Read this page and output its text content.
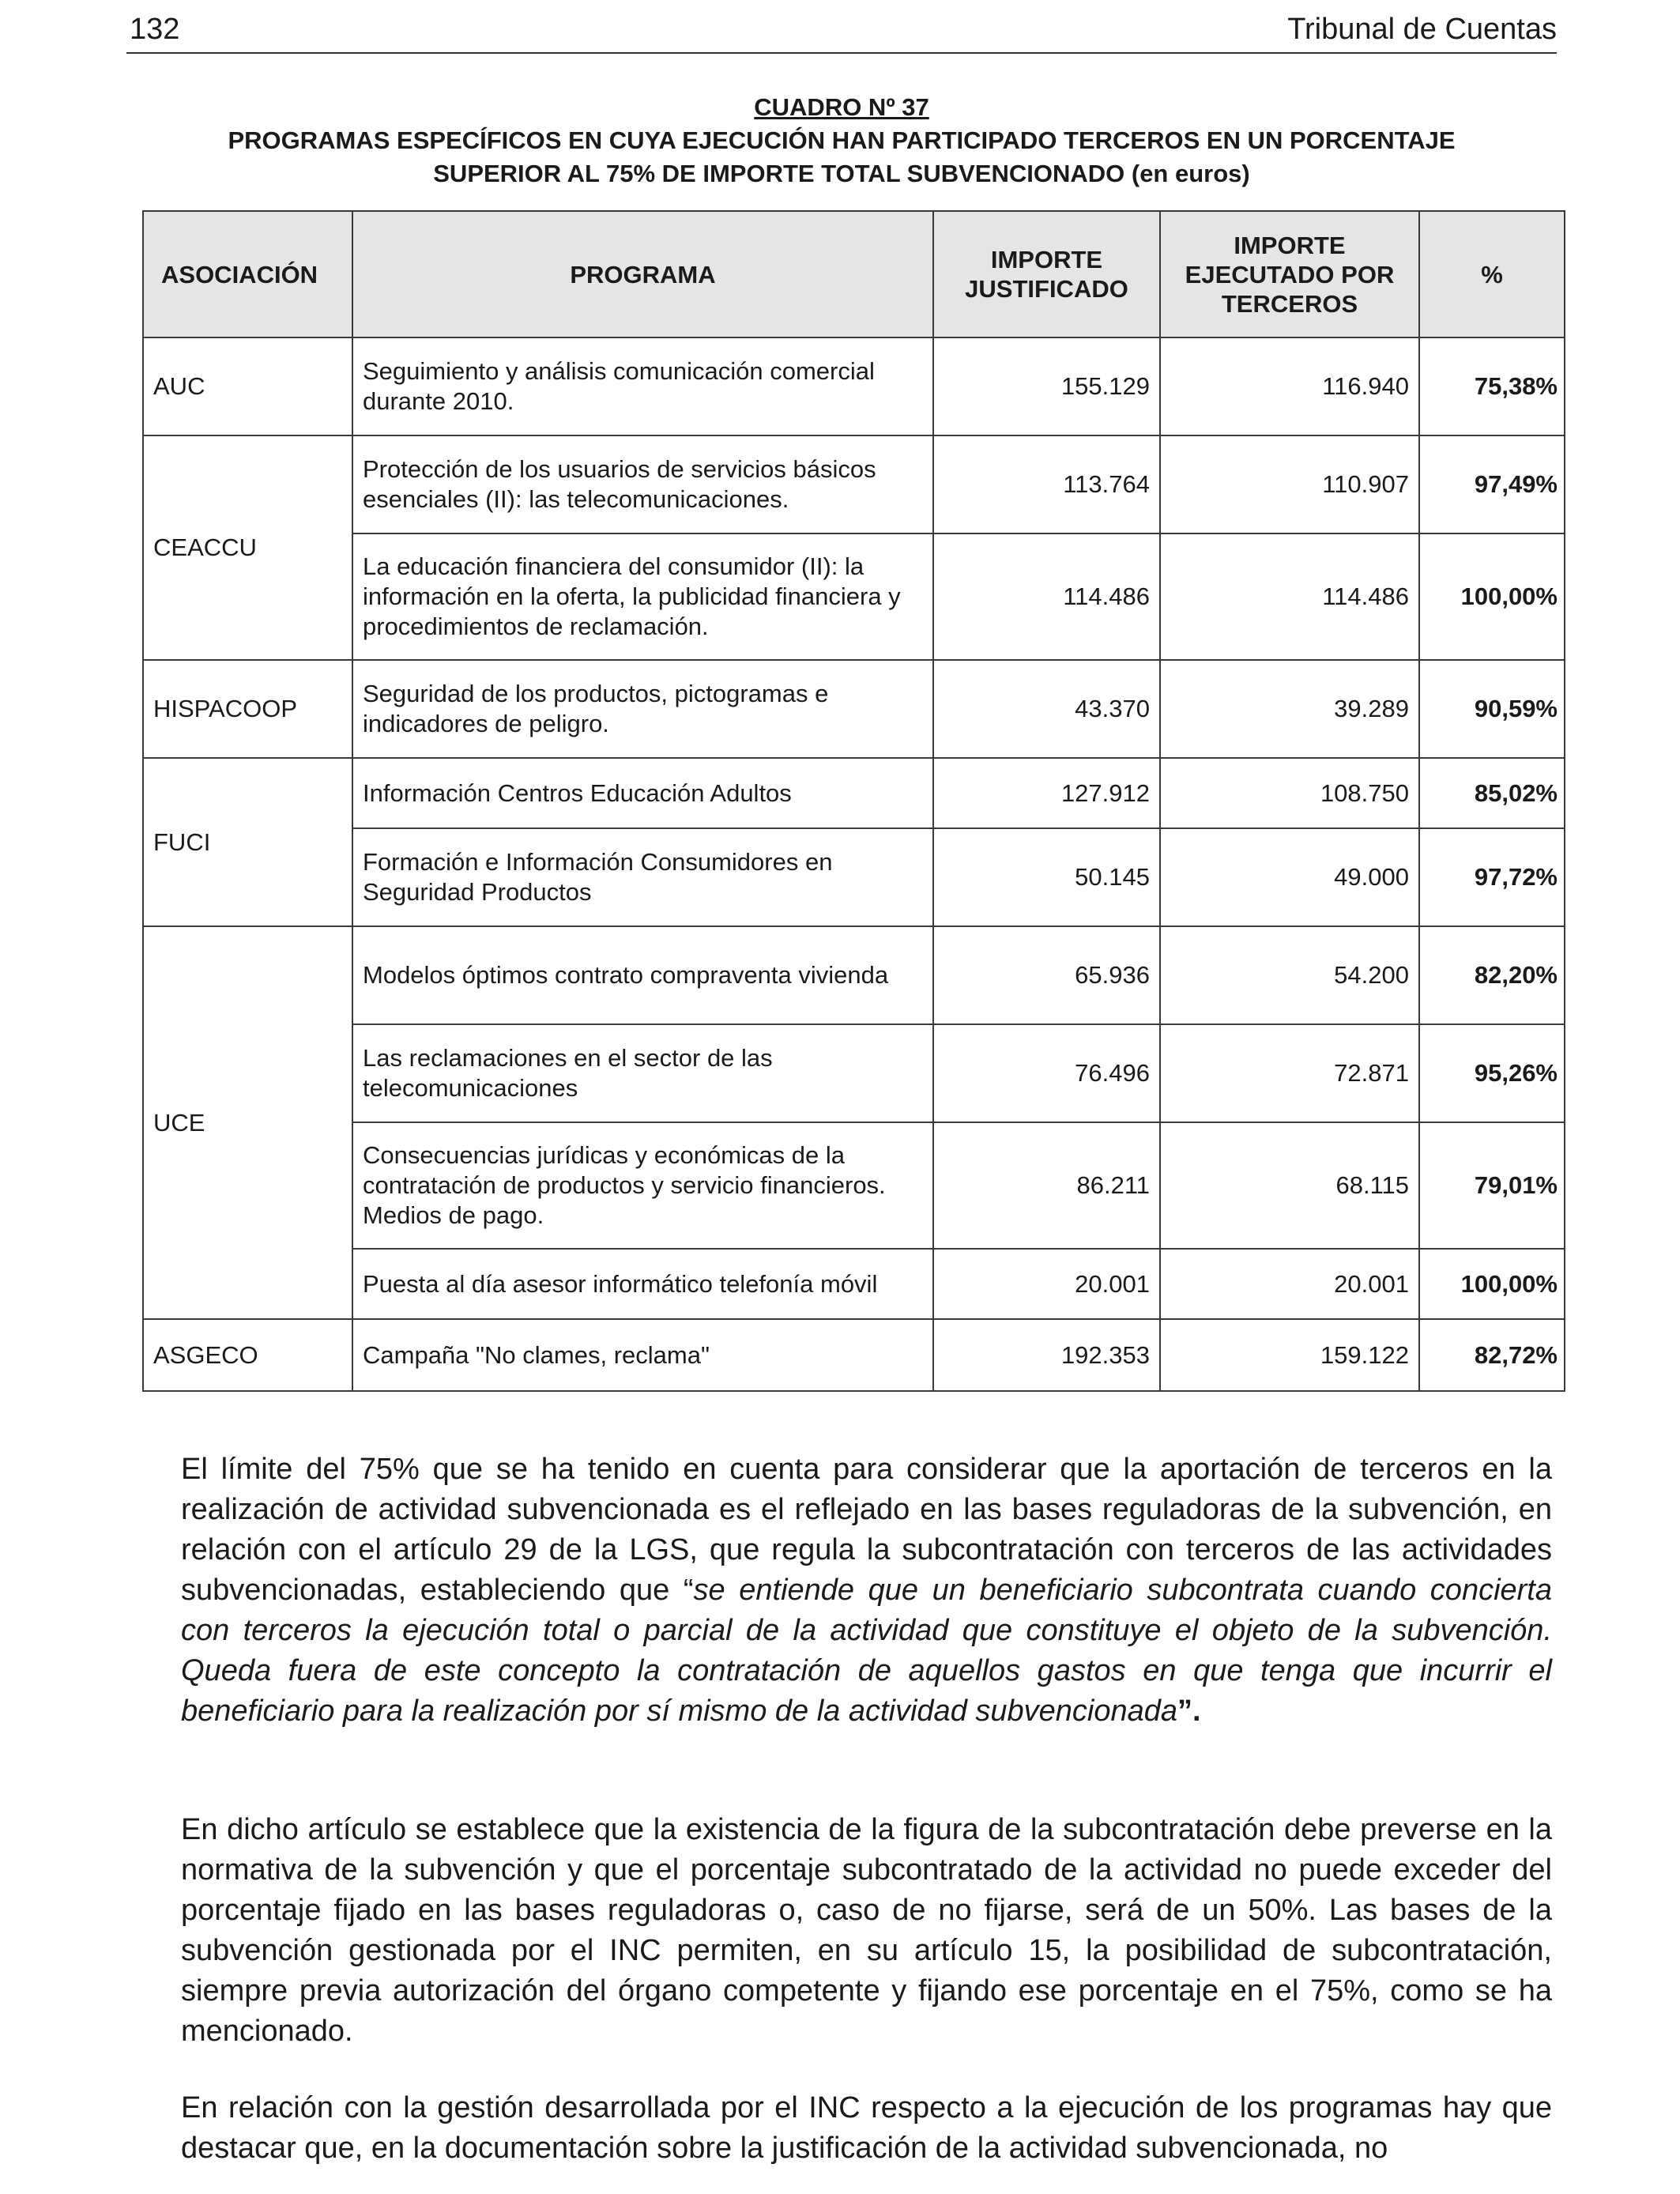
132	Tribunal de Cuentas
CUADRO Nº 37
PROGRAMAS ESPECÍFICOS EN CUYA EJECUCIÓN HAN PARTICIPADO TERCEROS EN UN PORCENTAJE
SUPERIOR AL 75% DE IMPORTE TOTAL SUBVENCIONADO (en euros)
ASOCIACIÓN	PROGRAMA	IMPORTE JUSTIFICADO	IMPORTE EJECUTADO POR TERCEROS	%
AUC	Seguimiento y análisis comunicación comercial durante 2010.	155.129	116.940	75,38%
CEACCU	Protección de los usuarios de servicios básicos esenciales (II): las telecomunicaciones.	113.764	110.907	97,49%
	La educación financiera del consumidor (II): la información en la oferta, la publicidad financiera y procedimientos de reclamación.	114.486	114.486	100,00%
HISPACOOP	Seguridad de los productos, pictogramas e indicadores de peligro.	43.370	39.289	90,59%
FUCI	Información Centros Educación Adultos	127.912	108.750	85,02%
	Formación e Información Consumidores en Seguridad Productos	50.145	49.000	97,72%
UCE	Modelos óptimos contrato compraventa vivienda	65.936	54.200	82,20%
	Las reclamaciones en el sector de las telecomunicaciones	76.496	72.871	95,26%
	Consecuencias jurídicas y económicas de la contratación de productos y servicio financieros. Medios de pago.	86.211	68.115	79,01%
	Puesta al día asesor informático telefonía móvil	20.001	20.001	100,00%
ASGECO	Campaña "No clames, reclama"	192.353	159.122	82,72%

El límite del 75% que se ha tenido en cuenta para considerar que la aportación de terceros en la realización de actividad subvencionada es el reflejado en las bases reguladoras de la subvención, en relación con el artículo 29 de la LGS, que regula la subcontratación con terceros de las actividades subvencionadas, estableciendo que “se entiende que un beneficiario subcontrata cuando concierta con terceros la ejecución total o parcial de la actividad que constituye el objeto de la subvención. Queda fuera de este concepto la contratación de aquellos gastos en que tenga que incurrir el beneficiario para la realización por sí mismo de la actividad subvencionada”.

En dicho artículo se establece que la existencia de la figura de la subcontratación debe preverse en la normativa de la subvención y que el porcentaje subcontratado de la actividad no puede exceder del porcentaje fijado en las bases reguladoras o, caso de no fijarse, será de un 50%. Las bases de la subvención gestionada por el INC permiten, en su artículo 15, la posibilidad de subcontratación, siempre previa autorización del órgano competente y fijando ese porcentaje en el 75%, como se ha mencionado.

En relación con la gestión desarrollada por el INC respecto a la ejecución de los programas hay que destacar que, en la documentación sobre la justificación de la actividad subvencionada, no
